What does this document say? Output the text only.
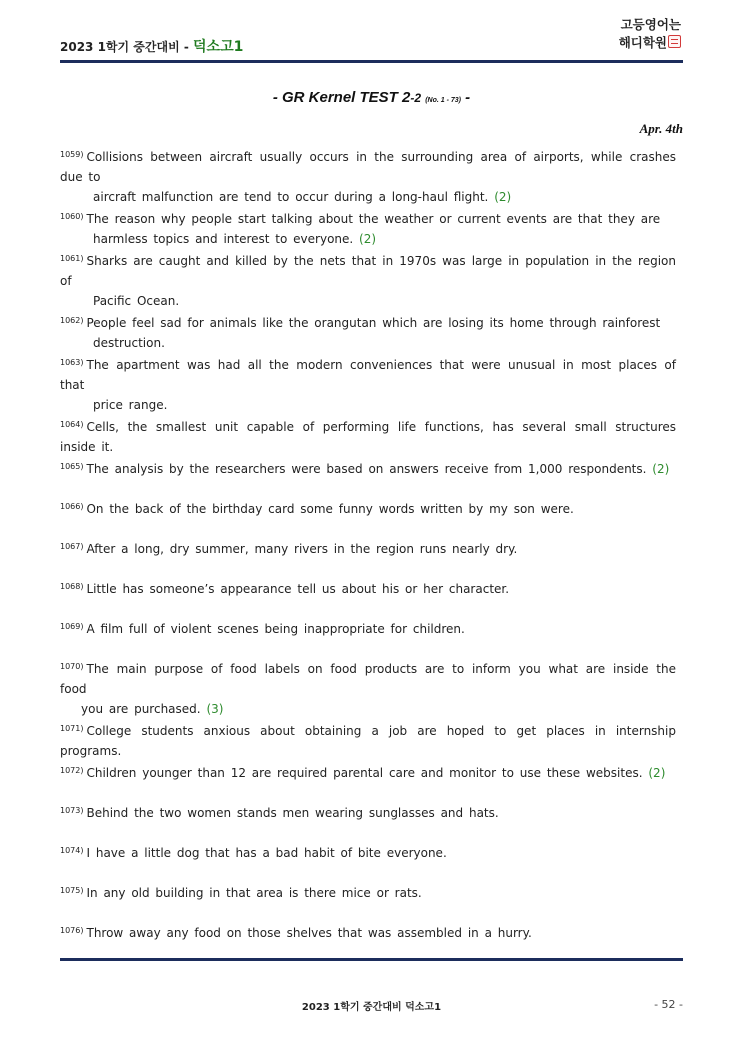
2023 1학기 중간대비 - 덕소고1
고등영어는
해디학원
- GR Kernel TEST 2-2 (No. 1 - 73) -
Apr. 4th
$^{1059)}$ Collisions between aircraft usually occurs in the surrounding area of airports, while crashes due to
aircraft malfunction are tend to occur during a long-haul flight. (2)
$^{1060)}$ The reason why people start talking about the weather or current events are that they are
harmless topics and interest to everyone. (2)
$^{1061)}$ Sharks are caught and killed by the nets that in 1970s was large in population in the region of
Pacific Ocean.
$^{1062)}$ People feel sad for animals like the orangutan which are losing its home through rainforest
destruction.
$^{1063)}$ The apartment was had all the modern conveniences that were unusual in most places of that
price range.
$^{1064)}$ Cells, the smallest unit capable of performing life functions, has several small structures inside it.
$^{1065)}$ The analysis by the researchers were based on answers receive from 1,000 respondents. (2)
$^{1066)}$ On the back of the birthday card some funny words written by my son were.
$^{1067)}$ After a long, dry summer, many rivers in the region runs nearly dry.
$^{1068)}$ Little has someone’s appearance tell us about his or her character.
$^{1069)}$ A film full of violent scenes being inappropriate for children.
$^{1070)}$ The main purpose of food labels on food products are to inform you what are inside the food
you are purchased. (3)
$^{1071)}$ College students anxious about obtaining a job are hoped to get places in internship programs.
$^{1072)}$ Children younger than 12 are required parental care and monitor to use these websites. (2)
$^{1073)}$ Behind the two women stands men wearing sunglasses and hats.
$^{1074)}$ I have a little dog that has a bad habit of bite everyone.
$^{1075)}$ In any old building in that area is there mice or rats.
$^{1076)}$ Throw away any food on those shelves that was assembled in a hurry.
2023 1학기 중간대비 덕소고1	- 52 -
